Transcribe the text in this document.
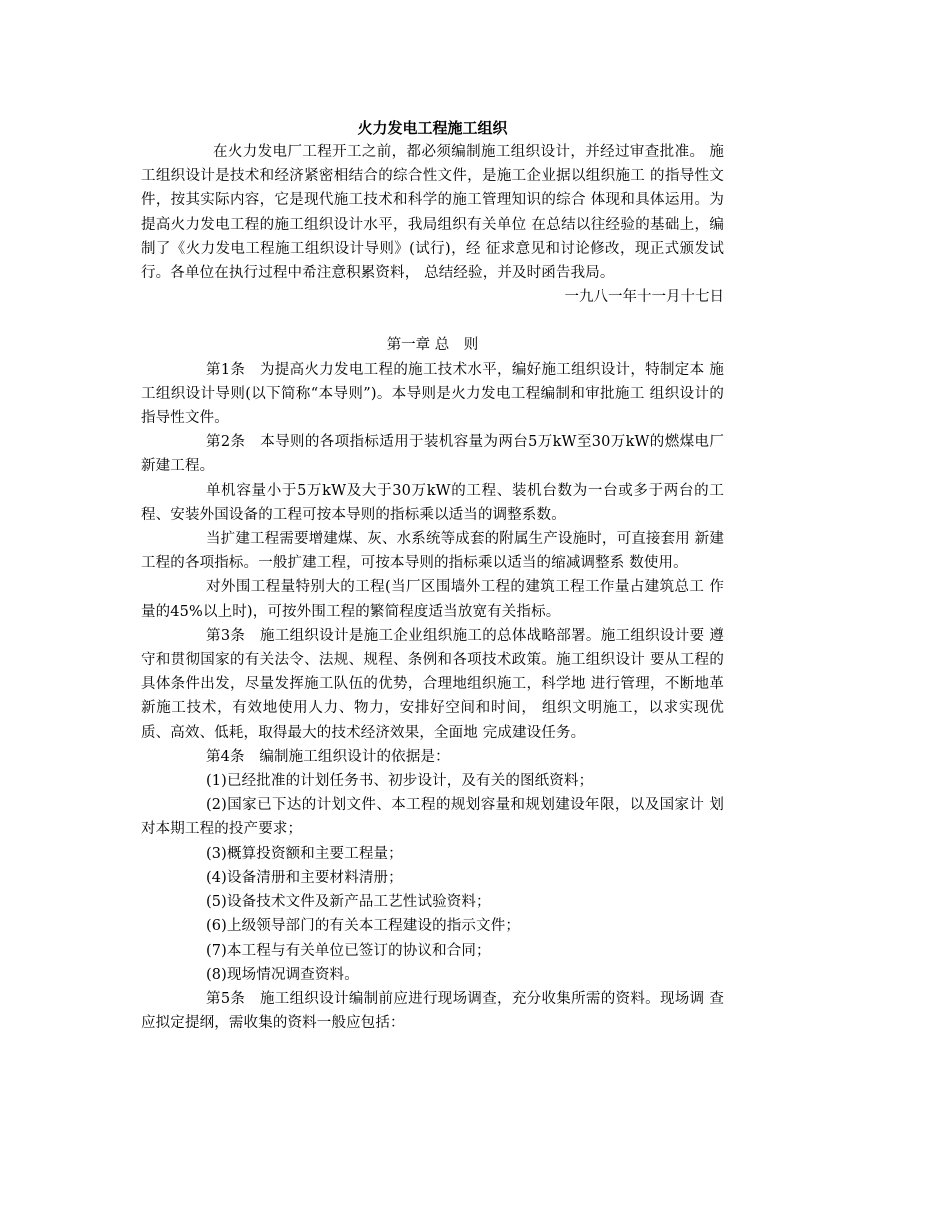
火力发电工程施工组织

在火力发电厂工程开工之前，都必须编制施工组织设计，并经过审查批准。 施工组织设计是技术和经济紧密相结合的综合性文件，是施工企业据以组织施工 的指导性文件，按其实际内容，它是现代施工技术和科学的施工管理知识的综合 体现和具体运用。为提高火力发电工程的施工组织设计水平，我局组织有关单位 在总结以往经验的基础上，编制了《火力发电工程施工组织设计导则》(试行)，经 征求意见和讨论修改，现正式颁发试行。各单位在执行过程中希注意积累资料， 总结经验，并及时函告我局。

一九八一年十一月十七日

第一章 总　则

第1条　为提高火力发电工程的施工技术水平，编好施工组织设计，特制定本 施工组织设计导则(以下简称“本导则”)。本导则是火力发电工程编制和审批施工 组织设计的指导性文件。

第2条　本导则的各项指标适用于装机容量为两台5万kW至30万kW的燃煤电厂新建工程。

单机容量小于5万kW及大于30万kW的工程、装机台数为一台或多于两台的工程、安装外国设备的工程可按本导则的指标乘以适当的调整系数。

当扩建工程需要增建煤、灰、水系统等成套的附属生产设施时，可直接套用 新建工程的各项指标。一般扩建工程，可按本导则的指标乘以适当的缩减调整系 数使用。

对外围工程量特别大的工程(当厂区围墙外工程的建筑工程工作量占建筑总工 作量的45%以上时)，可按外围工程的繁简程度适当放宽有关指标。

第3条　施工组织设计是施工企业组织施工的总体战略部署。施工组织设计要 遵守和贯彻国家的有关法令、法规、规程、条例和各项技术政策。施工组织设计 要从工程的具体条件出发，尽量发挥施工队伍的优势，合理地组织施工，科学地 进行管理，不断地革新施工技术，有效地使用人力、物力，安排好空间和时间， 组织文明施工，以求实现优质、高效、低耗，取得最大的技术经济效果，全面地 完成建设任务。

第4条　编制施工组织设计的依据是：

(1)已经批准的计划任务书、初步设计，及有关的图纸资料；

(2)国家已下达的计划文件、本工程的规划容量和规划建设年限，以及国家计 划对本期工程的投产要求；

(3)概算投资额和主要工程量；

(4)设备清册和主要材料清册；

(5)设备技术文件及新产品工艺性试验资料；

(6)上级领导部门的有关本工程建设的指示文件；

(7)本工程与有关单位已签订的协议和合同；

(8)现场情况调查资料。

第5条　施工组织设计编制前应进行现场调查，充分收集所需的资料。现场调 查应拟定提纲，需收集的资料一般应包括：
